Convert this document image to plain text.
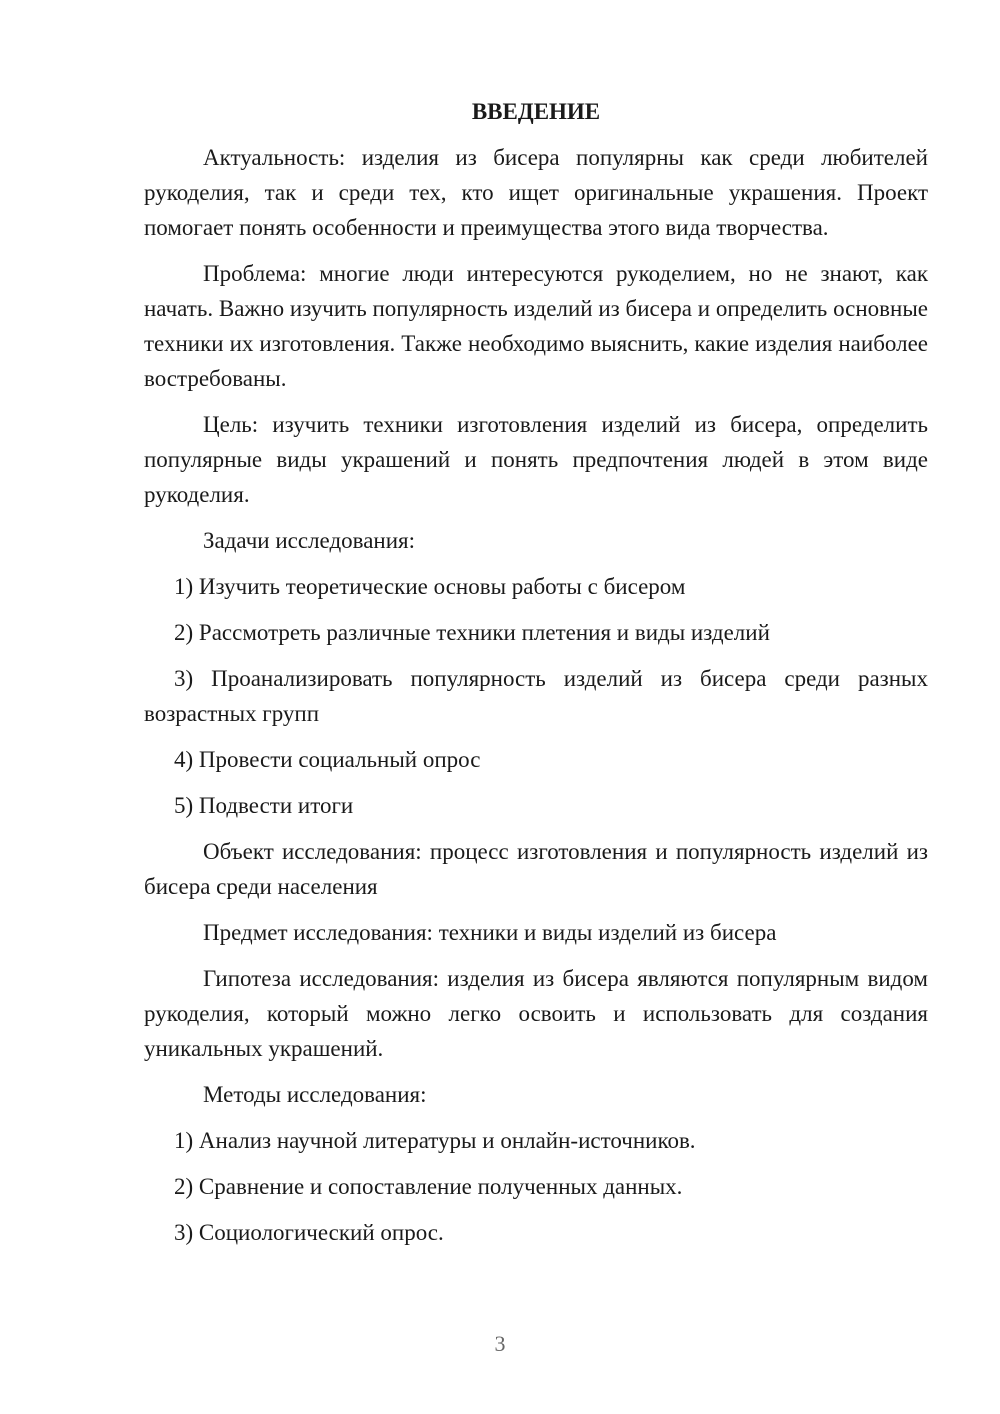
ВВЕДЕНИЕ

Актуальность: изделия из бисера популярны как среди любителей рукоделия, так и среди тех, кто ищет оригинальные украшения. Проект помогает понять особенности и преимущества этого вида творчества.

Проблема: многие люди интересуются рукоделием, но не знают, как начать. Важно изучить популярность изделий из бисера и определить основные техники их изготовления. Также необходимо выяснить, какие изделия наиболее востребованы.

Цель: изучить техники изготовления изделий из бисера, определить популярные виды украшений и понять предпочтения людей в этом виде рукоделия.

Задачи исследования:

1) Изучить теоретические основы работы с бисером

2) Рассмотреть различные техники плетения и виды изделий

3) Проанализировать популярность изделий из бисера среди разных возрастных групп

4) Провести социальный опрос

5) Подвести итоги

Объект исследования: процесс изготовления и популярность изделий из бисера среди населения

Предмет исследования: техники и виды изделий из бисера

Гипотеза исследования: изделия из бисера являются популярным видом рукоделия, который можно легко освоить и использовать для создания уникальных украшений.

Методы исследования:

1) Анализ научной литературы и онлайн-источников.

2) Сравнение и сопоставление полученных данных.

3) Социологический опрос.

3
